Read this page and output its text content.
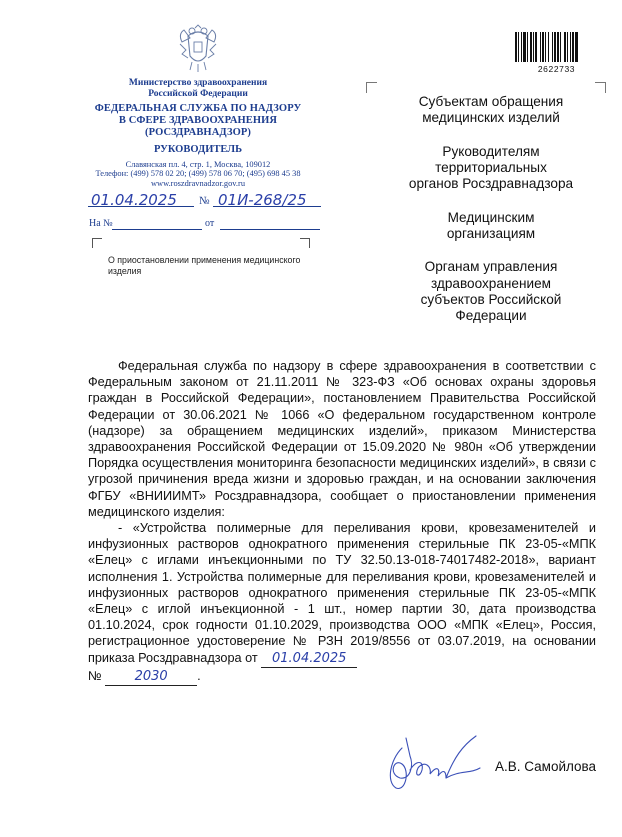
Министерство здравоохранения
Российской Федерации
ФЕДЕРАЛЬНАЯ СЛУЖБА ПО НАДЗОРУ
В СФЕРЕ ЗДРАВООХРАНЕНИЯ
(РОСЗДРАВНАДЗОР)
РУКОВОДИТЕЛЬ
Славянская пл. 4, стр. 1, Москва, 109012
Телефон: (499) 578 02 20; (499) 578 06 70; (495) 698 45 38
www.roszdravnadzor.gov.ru
01.04.2025 № 01И-268/25
На №	от
О приостановлении применения медицинского изделия
2622733
Субъектам обращения
медицинских изделий
Руководителям
территориальных
органов Росздравнадзора
Медицинским
организациям
Органам управления
здравоохранением
субъектов Российской
Федерации

Федеральная служба по надзору в сфере здравоохранения в соответствии с Федеральным законом от 21.11.2011 № 323-ФЗ «Об основах охраны здоровья граждан в Российской Федерации», постановлением Правительства Российской Федерации от 30.06.2021 № 1066 «О федеральном государственном контроле (надзоре) за обращением медицинских изделий», приказом Министерства здравоохранения Российской Федерации от 15.09.2020 № 980н «Об утверждении Порядка осуществления мониторинга безопасности медицинских изделий», в связи с угрозой причинения вреда жизни и здоровью граждан, и на основании заключения ФГБУ «ВНИИИМТ» Росздравнадзора, сообщает о приостановлении применения медицинского изделия:

- «Устройства полимерные для переливания крови, кровезаменителей и инфузионных растворов однократного применения стерильные ПК 23-05-«МПК «Елец» с иглами инъекционными по ТУ 32.50.13-018-74017482-2018», вариант исполнения 1. Устройства полимерные для переливания крови, кровезаменителей и инфузионных растворов однократного применения стерильные ПК 23-05-«МПК «Елец» с иглой инъекционной - 1 шт., номер партии 30, дата производства 01.10.2024, срок годности 01.10.2029, производства ООО «МПК «Елец», Россия, регистрационное удостоверение № РЗН 2019/8556 от 03.07.2019, на основании приказа Росздравнадзора от 01.04.2025
№	2030 .

А.В. Самойлова
